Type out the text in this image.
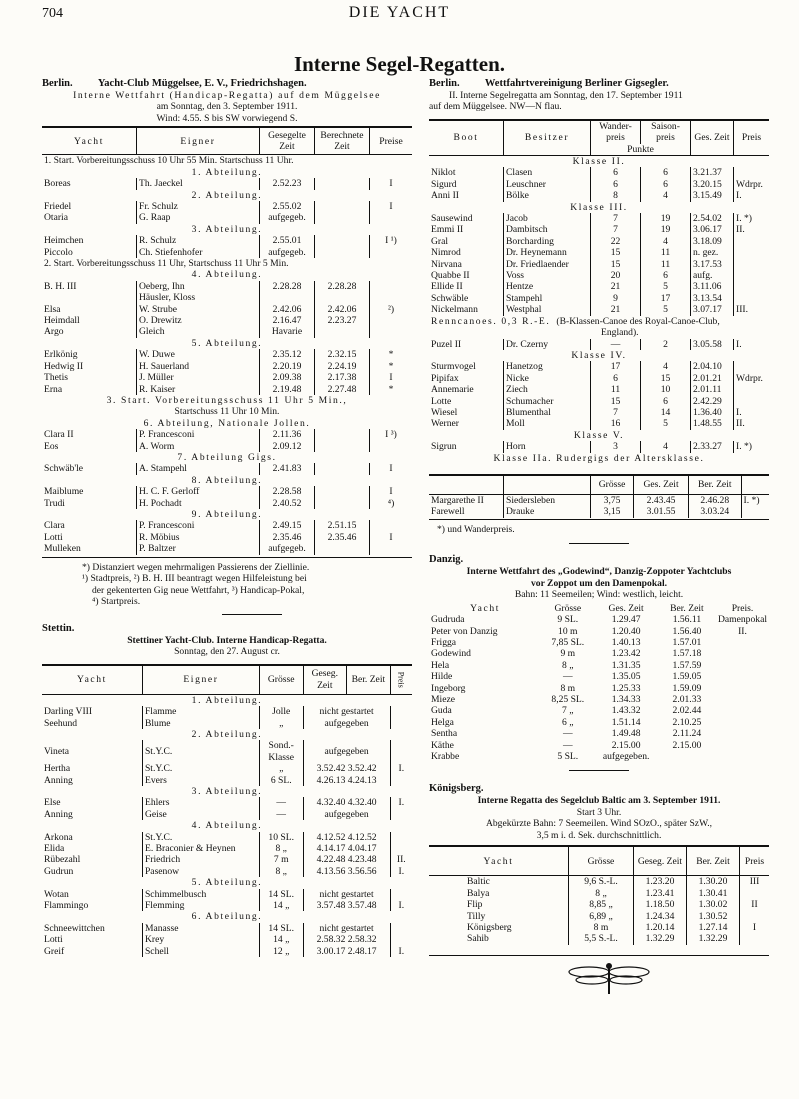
704	DIE YACHT
Interne Segel-Regatten.
Berlin. Yacht-Club Müggelsee, E. V., Friedrichshagen.
Interne Wettfahrt (Handicap-Regatta) auf dem Müggelsee
am Sonntag, den 3. September 1911.
Wind: 4.55. S bis SW vorwiegend S.
Yacht	Eigner	Gesegelte Zeit	Berechnete Zeit	Preise
1. Start. Vorbereitungsschuss 10 Uhr 55 Min. Startschuss 11 Uhr.				
1. Abteilung.				
Boreas	Th. Jaeckel	2.52.23		I
2. Abteilung.				
Friedel	Fr. Schulz	2.55.02		I
Otaria	G. Raap	aufgegeb.		
3. Abteilung.				
Heimchen	R. Schulz	2.55.01		I ¹)
Piccolo	Ch. Stiefenhofer	aufgegeb.		
2. Start. Vorbereitungsschuss 11 Uhr, Startschuss 11 Uhr 5 Min.				
4. Abteilung.				
B. H. III	Oeberg, Ihn	2.28.28	2.28.28	
	Häusler, Kloss			
Elsa	W. Strube	2.42.06	2.42.06	²)
Heimdall	O. Drewitz	2.16.47	2.23.27	
Argo	Gleich	Havarie		
5. Abteilung.				
Erlkönig	W. Duwe	2.35.12	2.32.15	*
Hedwig II	H. Sauerland	2.20.19	2.24.19	*
Thetis	J. Müller	2.09.38	2.17.38	I
Erna	R. Kaiser	2.19.48	2.27.48	*

3. Start. Vorbereitungsschuss 11 Uhr 5 Min.,
Startschuss 11 Uhr 10 Min.				

6. Abteilung, Nationale Jollen.				
Clara II	P. Francesconi	2.11.36		I ³)
Eos	A. Worm	2.09.12		
7. Abteilung Gigs.				
Schwäb'le	A. Stampehl	2.41.83		I
8. Abteilung.				
Maiblume	H. C. F. Gerloff	2.28.58		I
Trudi	H. Pochadt	2.40.52		⁴)
9. Abteilung.				
Clara	P. Francesconi	2.49.15	2.51.15	
Lotti	R. Möbius	2.35.46	2.35.46	I
Mulleken	P. Baltzer	aufgegeb.		
*) Distanziert wegen mehrmaligen Passierens der Ziellinie.
¹) Stadtpreis, ²) B. H. III beantragt wegen Hilfeleistung bei
der gekenterten Gig neue Wettfahrt, ³) Handicap-Pokal,
⁴) Startpreis.
Stettin.
Stettiner Yacht-Club. Interne Handicap-Regatta.
Sonntag, den 27. August cr.
Yacht	Eigner	Grösse	Geseg. Zeit	Ber. Zeit	Preis
1. Abteilung.					
Darling VIII	Flamme	Jolle	nicht gestartet		
Seehund	Blume	„	aufgegeben		
2. Abteilung.					
Vineta	St.Y.C.	Sond.-Klasse	aufgegeben		
Hertha	St.Y.C.	„	3.52.42 3.52.42		I.
Anning	Evers	6 SL.	4.26.13 4.24.13		
3. Abteilung.					
Else	Ehlers	—	4.32.40 4.32.40		I.
Anning	Geise	—	aufgegeben		
4. Abteilung.					
Arkona	St.Y.C.	10 SL.	4.12.52 4.12.52		
Elida	E. Braconier & Heynen	8 „	4.14.17 4.04.17		
Rübezahl	Friedrich	7 m	4.22.48 4.23.48		II.
Gudrun	Pasenow	8 „	4.13.56 3.56.56		I.
5. Abteilung.					
Wotan	Schimmelbusch	14 SL.	nicht gestartet		
Flammingo	Flemming	14 „	3.57.48 3.57.48		I.
6. Abteilung.					
Schneewittchen	Manasse	14 SL.	nicht gestartet		
Lotti	Krey	14 „	2.58.32 2.58.32		
Greif	Schell	12 „	3.00.17 2.48.17		I.
Berlin. Wettfahrtvereinigung Berliner Gigsegler.
II. Interne Segelregatta am Sonntag, den 17. September 1911
auf dem Müggelsee. NW—N flau.
Boot	Besitzer	Wander-preis	Saison-preis	Ges. Zeit	Preis
		Punkte			
Klasse II.					
Niklot	Clasen	6	6	3.21.37	
Sigurd	Leuschner	6	6	3.20.15	Wdrpr.
Anni II	Bölke	8	4	3.15.49	I.
Klasse III.					
Sausewind	Jacob	7	19	2.54.02	I. *)
Emmi II	Dambitsch	7	19	3.06.17	II.
Gral	Borcharding	22	4	3.18.09	
Nimrod	Dr. Heynemann	15	11	n. gez.	
Nirvana	Dr. Friedlaender	15	11	3.17.53	
Quabbe II	Voss	20	6	aufg.	
Ellide II	Hentze	21	5	3.11.06	
Schwäble	Stampehl	9	17	3.13.54	
Nickelmann	Westphal	21	5	3.07.17	III.
Renncanoes. 0,3 R.-E. (B-Klassen-Canoe des Royal-Canoe-Club,
England).					

Puzel II	Dr. Czerny	—	2	3.05.58	I.
Klasse IV.					
Sturmvogel	Hanetzog	17	4	2.04.10	
Pipifax	Nicke	6	15	2.01.21	Wdrpr.
Annemarie	Ziech	11	10	2.01.11	
Lotte	Schumacher	15	6	2.42.29	
Wiesel	Blumenthal	7	14	1.36.40	I.
Werner	Moll	16	5	1.48.55	II.
Klasse V.					
Sigrun	Horn	3	4	2.33.27	I. *)
Klasse IIa. Rudergigs der Altersklasse.					
		Grösse	Ges. Zeit	Ber. Zeit	
Margarethe II	Siedersleben	3,75	2.43.45	2.46.28	I. *)
Farewell	Drauke	3,15	3.01.55	3.03.24	
*) und Wanderpreis.
Danzig.
Interne Wettfahrt des „Godewind“, Danzig-Zoppoter Yachtclubs
vor Zoppot um den Damenpokal.
Bahn: 11 Seemeilen; Wind: westlich, leicht.
Yacht	Grösse	Ges. Zeit	Ber. Zeit	Preis.
Gudruda	9 SL.	1.29.47	1.56.11	Damenpokal
Peter von Danzig	10 m	1.20.40	1.56.40	II.
Frigga	7,85 SL.	1.40.13	1.57.01	
Godewind	9 m	1.23.42	1.57.18	
Hela	8 „	1.31.35	1.57.59	
Hilde	—	1.35.05	1.59.05	
Ingeborg	8 m	1.25.33	1.59.09	
Mieze	8,25 SL.	1.34.33	2.01.33	
Guda	7 „	1.43.32	2.02.44	
Helga	6 „	1.51.14	2.10.25	
Sentha	—	1.49.48	2.11.24	
Käthe	—	2.15.00	2.15.00	
Krabbe	5 SL.	aufgegeben.		
Königsberg.
Interne Regatta des Segelclub Baltic am 3. September 1911.
Start 3 Uhr.
Abgekürzte Bahn: 7 Seemeilen. Wind SOzO., später SzW.,
3,5 m i. d. Sek. durchschnittlich.
Yacht	Grösse	Geseg. Zeit	Ber. Zeit	Preis
Baltic	9,6 S.-L.	1.23.20	1.30.20	III
Balya	8 „	1.23.41	1.30.41	
Flip	8,85 „	1.18.50	1.30.02	II
Tilly	6,89 „	1.24.34	1.30.52	
Königsberg	8 m	1.20.14	1.27.14	I
Sahib	5,5 S.-L.	1.32.29	1.32.29	
